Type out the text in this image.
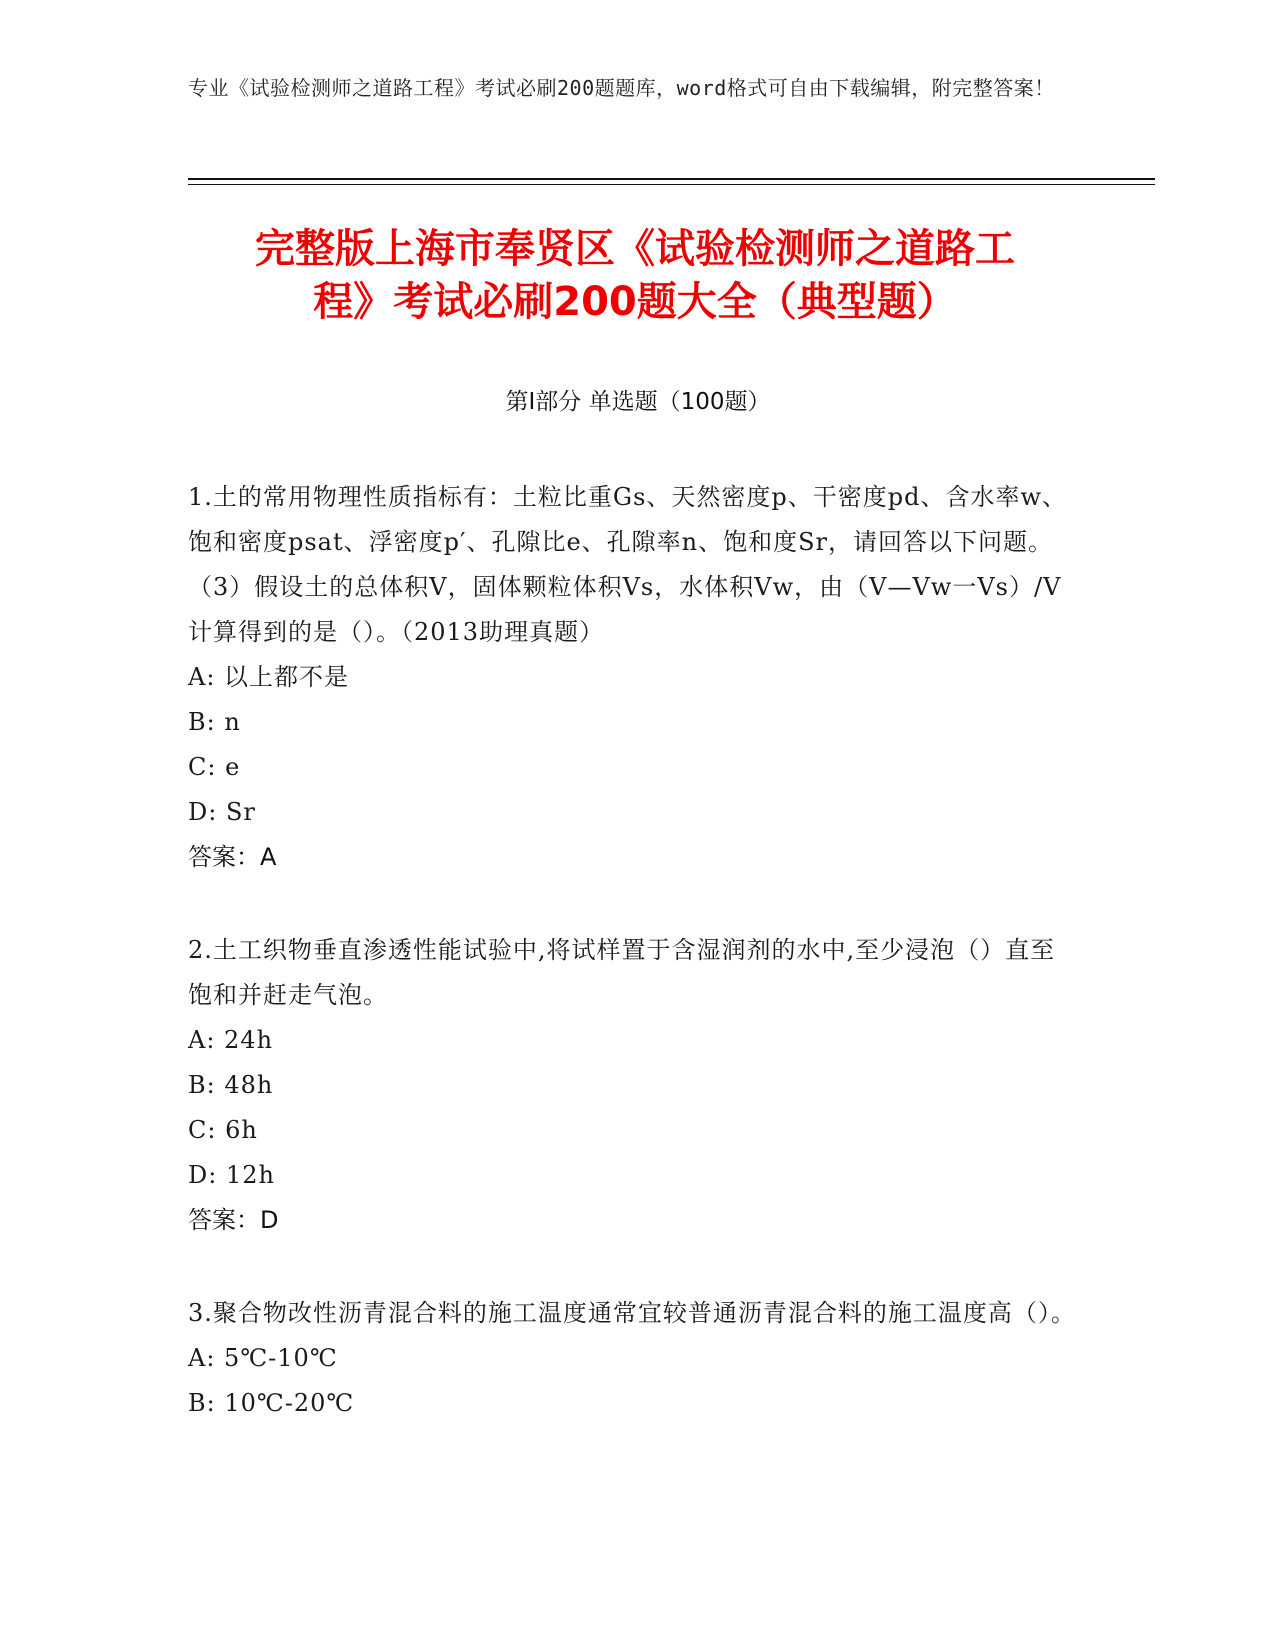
专业《试验检测师之道路工程》考试必刷200题题库，word格式可自由下载编辑，附完整答案！
完整版上海市奉贤区《试验检测师之道路工
程》考试必刷200题大全（典型题）
第I部分 单选题（100题）
1.土的常用物理性质指标有：土粒比重Gs、天然密度p、干密度pd、含水率w、饱和密度psat、浮密度p′、孔隙比e、孔隙率n、饱和度Sr，请回答以下问题。（3）假设土的总体积V，固体颗粒体积Vs，水体积Vw，由（V—Vw一Vs）/V计算得到的是（）。（2013助理真题）
A: 以上都不是
B: n
C: e
D: Sr
答案：A
2.土工织物垂直渗透性能试验中,将试样置于含湿润剂的水中,至少浸泡（）直至饱和并赶走气泡。
A: 24h
B: 48h
C: 6h
D: 12h
答案：D
3.聚合物改性沥青混合料的施工温度通常宜较普通沥青混合料的施工温度高（）。
A: 5℃-10℃
B: 10℃-20℃
